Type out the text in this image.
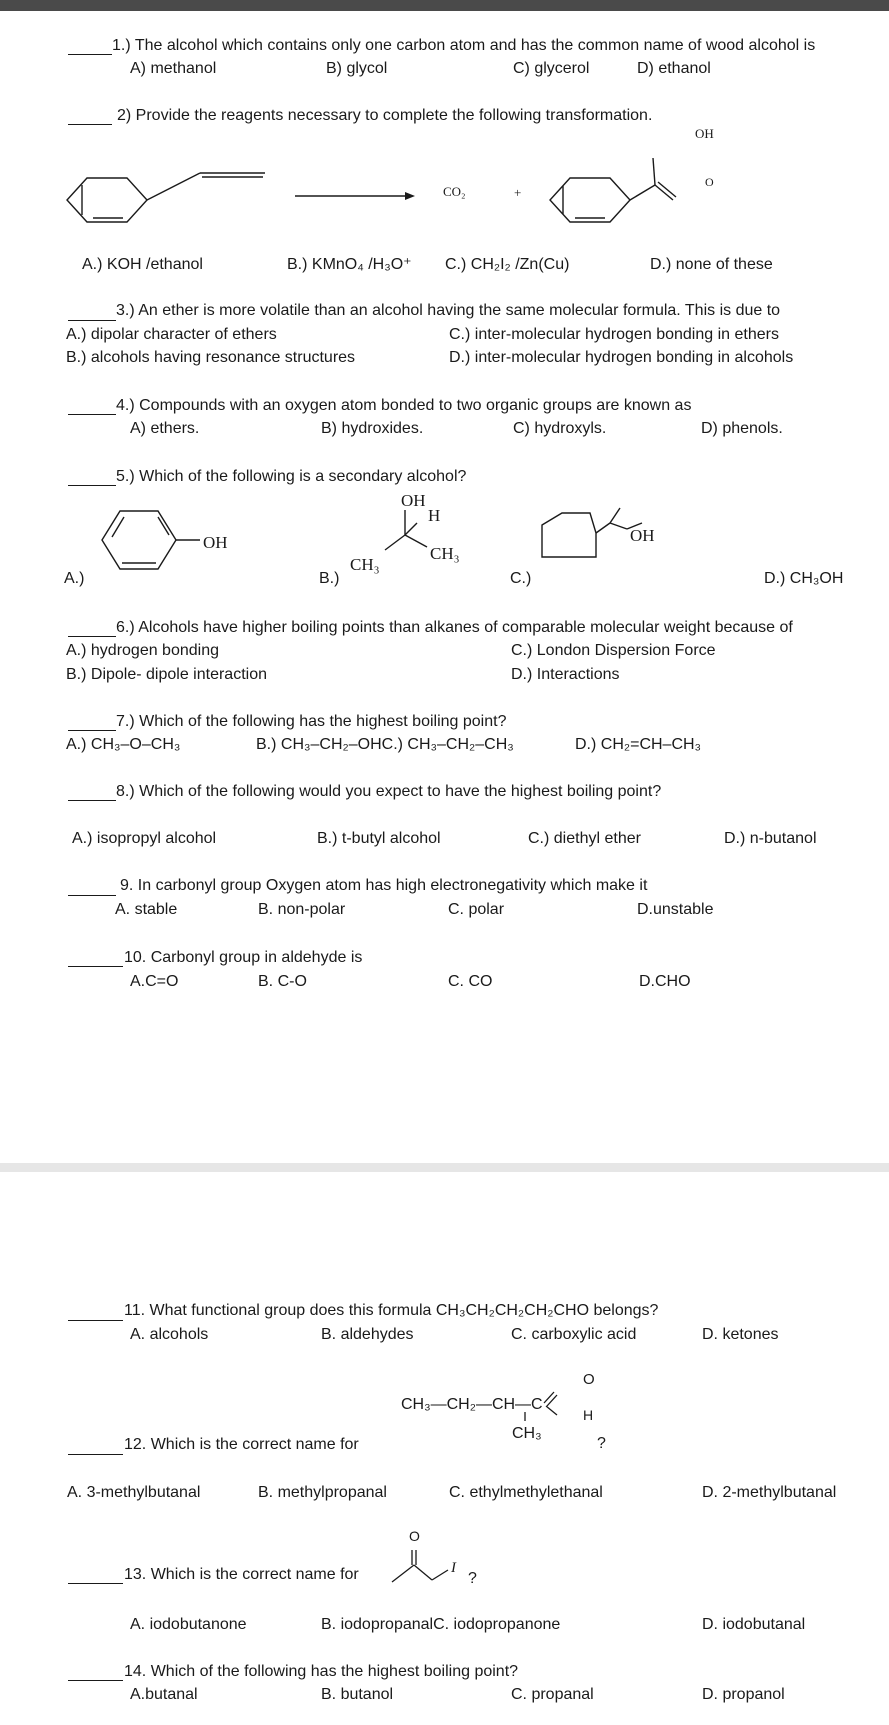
1.) The alcohol which contains only one carbon atom and has the common name of wood alcohol is
A) methanol	B) glycol	C) glycerol	D) ethanol
2) Provide the reagents necessary to complete the following transformation.
CO₂	+
OH
O
A.) KOH /ethanol	B.) KMnO₄ /H₃O⁺ C.) CH₂I₂ /Zn(Cu)	D.) none of these
3.) An ether is more volatile than an alcohol having the same molecular formula. This is due to
A.) dipolar character of ethers	C.) inter-molecular hydrogen bonding in ethers
B.) alcohols having resonance structures	D.) inter-molecular hydrogen bonding in alcohols
4.) Compounds with an oxygen atom bonded to two organic groups are known as
A) ethers.	B) hydroxides.	C) hydroxyls.	D) phenols.
5.) Which of the following is a secondary alcohol?
OH
A.)
OH
H
CH₃
CH₃
B.)
OH
C.)	D.) CH₃OH
6.) Alcohols have higher boiling points than alkanes of comparable molecular weight because of
A.) hydrogen bonding	C.) London Dispersion Force
B.) Dipole- dipole interaction	D.) Interactions
7.) Which of the following has the highest boiling point?
A.) CH₃–O–CH₃	B.) CH₃–CH₂–OHC.) CH₃–CH₂–CH₃	D.) CH₂=CH–CH₃
8.) Which of the following would you expect to have the highest boiling point?
A.) isopropyl alcohol	B.) t-butyl alcohol	C.) diethyl ether	D.) n-butanol
9. In carbonyl group Oxygen atom has high electronegativity which make it
A. stable	B. non-polar	C. polar	D.unstable
10. Carbonyl group in aldehyde is
A.C=O	B. C-O	C. CO	D.CHO
11. What functional group does this formula CH₃CH₂CH₂CH₂CHO belongs?
A. alcohols	B. aldehydes	C. carboxylic acid	D. ketones
CH₃—CH₂—CH—C
O
H
CH₃
?
12. Which is the correct name for
A. 3-methylbutanal	B. methylpropanal	C. ethylmethylethanal	D. 2-methylbutanal
13. Which is the correct name for
O
I
?
A. iodobutanone	B. iodopropanalC. iodopropanone	D. iodobutanal
14. Which of the following has the highest boiling point?
A.butanal	B. butanol	C. propanal	D. propanol
